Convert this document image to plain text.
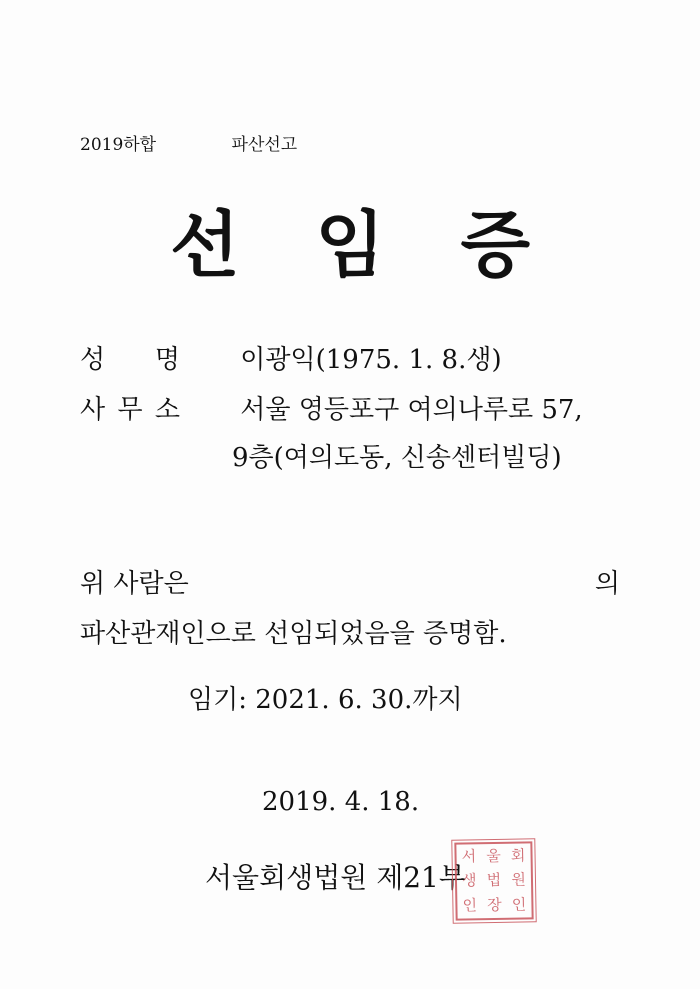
2019하합	파산선고
선 임 증
성 명 이광익(1975. 1. 8.생)
사 무 소 서울 영등포구 여의나루로 57,
9층(여의도동, 신송센터빌딩)
위 사람은	의
파산관재인으로 선임되었음을 증명함.
임기: 2021. 6. 30.까지
2019. 4. 18.
서울회생법원 제21부
서 울 회
생 법 원
인 장 인
